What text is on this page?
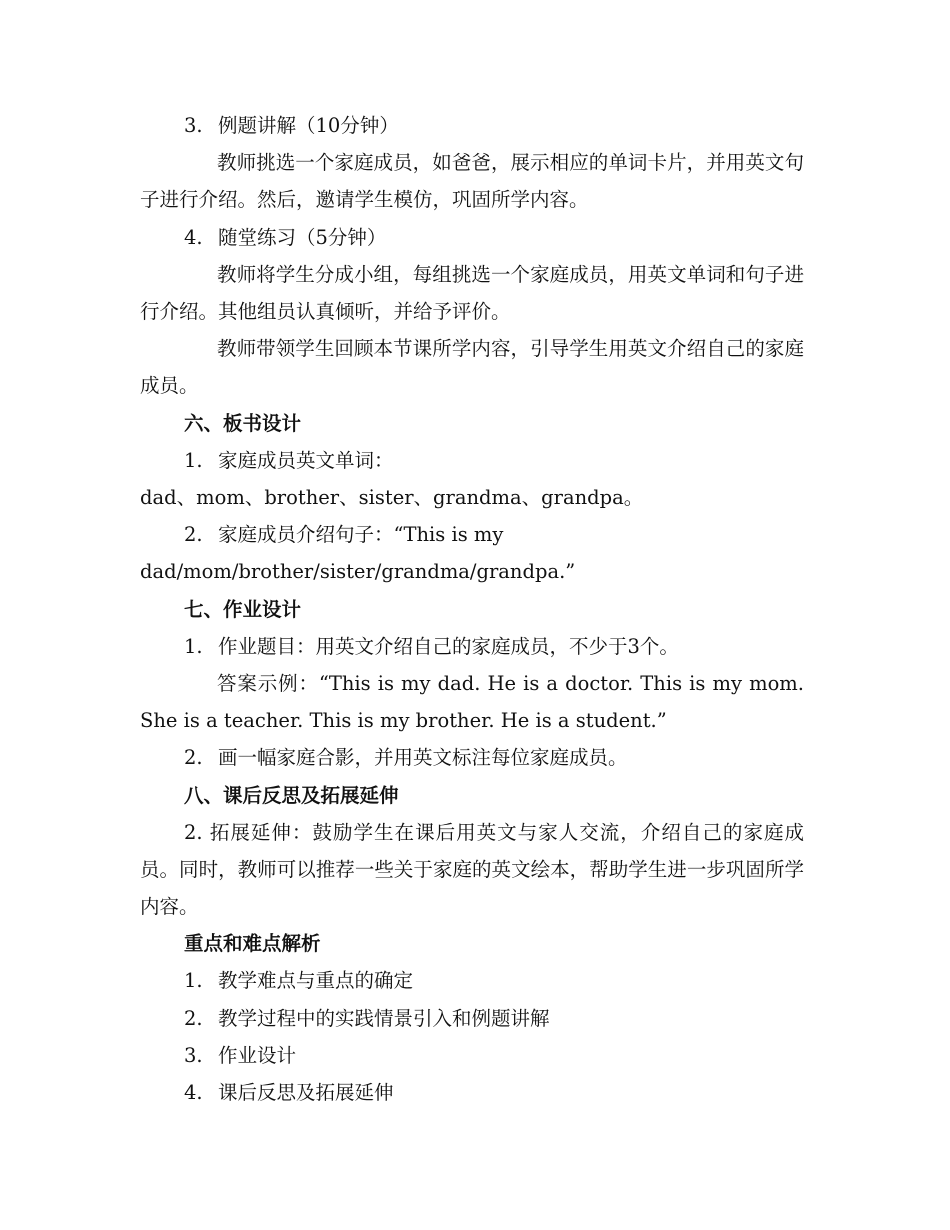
3. 例题讲解（10分钟）
教师挑选一个家庭成员，如爸爸，展示相应的单词卡片，并用英文句子进行介绍。然后，邀请学生模仿，巩固所学内容。
4. 随堂练习（5分钟）
教师将学生分成小组，每组挑选一个家庭成员，用英文单词和句子进行介绍。其他组员认真倾听，并给予评价。
教师带领学生回顾本节课所学内容，引导学生用英文介绍自己的家庭成员。
六、板书设计
1. 家庭成员英文单词：
dad、mom、brother、sister、grandma、grandpa。
2. 家庭成员介绍句子：“This is my
dad/mom/brother/sister/grandma/grandpa.”
七、作业设计
1. 作业题目：用英文介绍自己的家庭成员，不少于3个。
答案示例：“This is my dad. He is a doctor. This is my mom. She is a teacher. This is my brother. He is a student.”
2. 画一幅家庭合影，并用英文标注每位家庭成员。
八、课后反思及拓展延伸
2. 拓展延伸：鼓励学生在课后用英文与家人交流，介绍自己的家庭成员。同时，教师可以推荐一些关于家庭的英文绘本，帮助学生进一步巩固所学内容。
重点和难点解析
1. 教学难点与重点的确定
2. 教学过程中的实践情景引入和例题讲解
3. 作业设计
4. 课后反思及拓展延伸
